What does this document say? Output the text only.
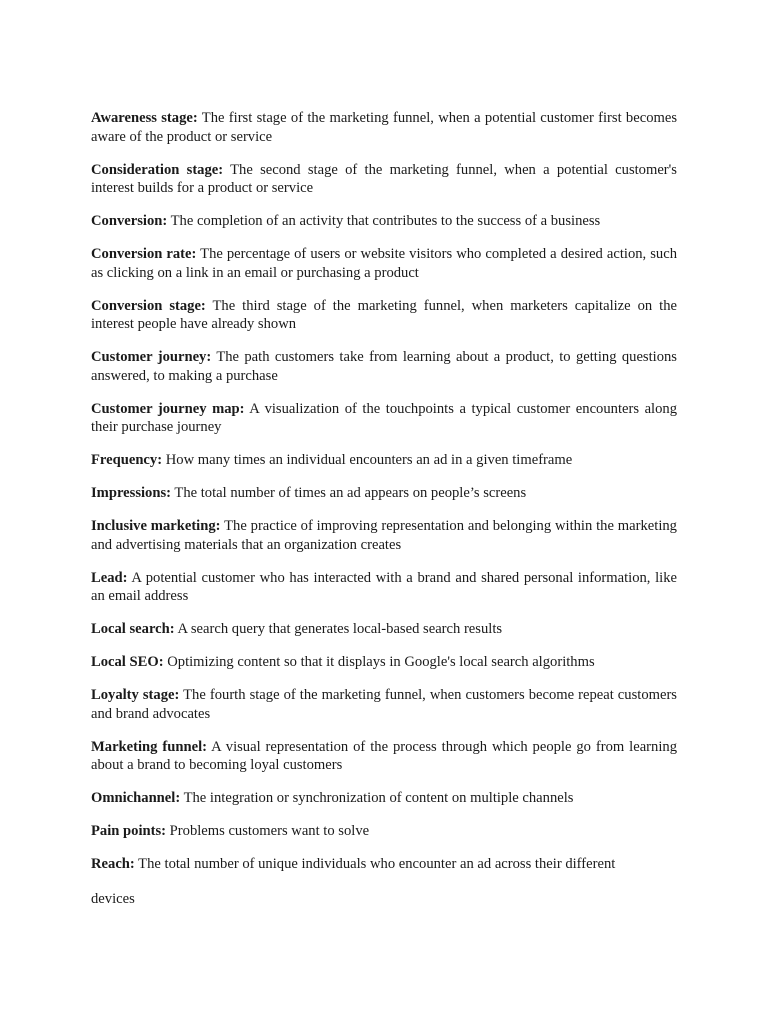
Awareness stage: The first stage of the marketing funnel, when a potential customer first becomes aware of the product or service

Consideration stage: The second stage of the marketing funnel, when a potential customer's interest builds for a product or service

Conversion: The completion of an activity that contributes to the success of a business

Conversion rate: The percentage of users or website visitors who completed a desired action, such as clicking on a link in an email or purchasing a product

Conversion stage: The third stage of the marketing funnel, when marketers capitalize on the interest people have already shown

Customer journey: The path customers take from learning about a product, to getting questions answered, to making a purchase

Customer journey map: A visualization of the touchpoints a typical customer encounters along their purchase journey

Frequency: How many times an individual encounters an ad in a given timeframe

Impressions: The total number of times an ad appears on people’s screens

Inclusive marketing: The practice of improving representation and belonging within the marketing and advertising materials that an organization creates

Lead: A potential customer who has interacted with a brand and shared personal information, like an email address

Local search: A search query that generates local-based search results

Local SEO: Optimizing content so that it displays in Google's local search algorithms

Loyalty stage: The fourth stage of the marketing funnel, when customers become repeat customers and brand advocates

Marketing funnel: A visual representation of the process through which people go from learning about a brand to becoming loyal customers

Omnichannel: The integration or synchronization of content on multiple channels

Pain points: Problems customers want to solve

Reach: The total number of unique individuals who encounter an ad across their different

devices
